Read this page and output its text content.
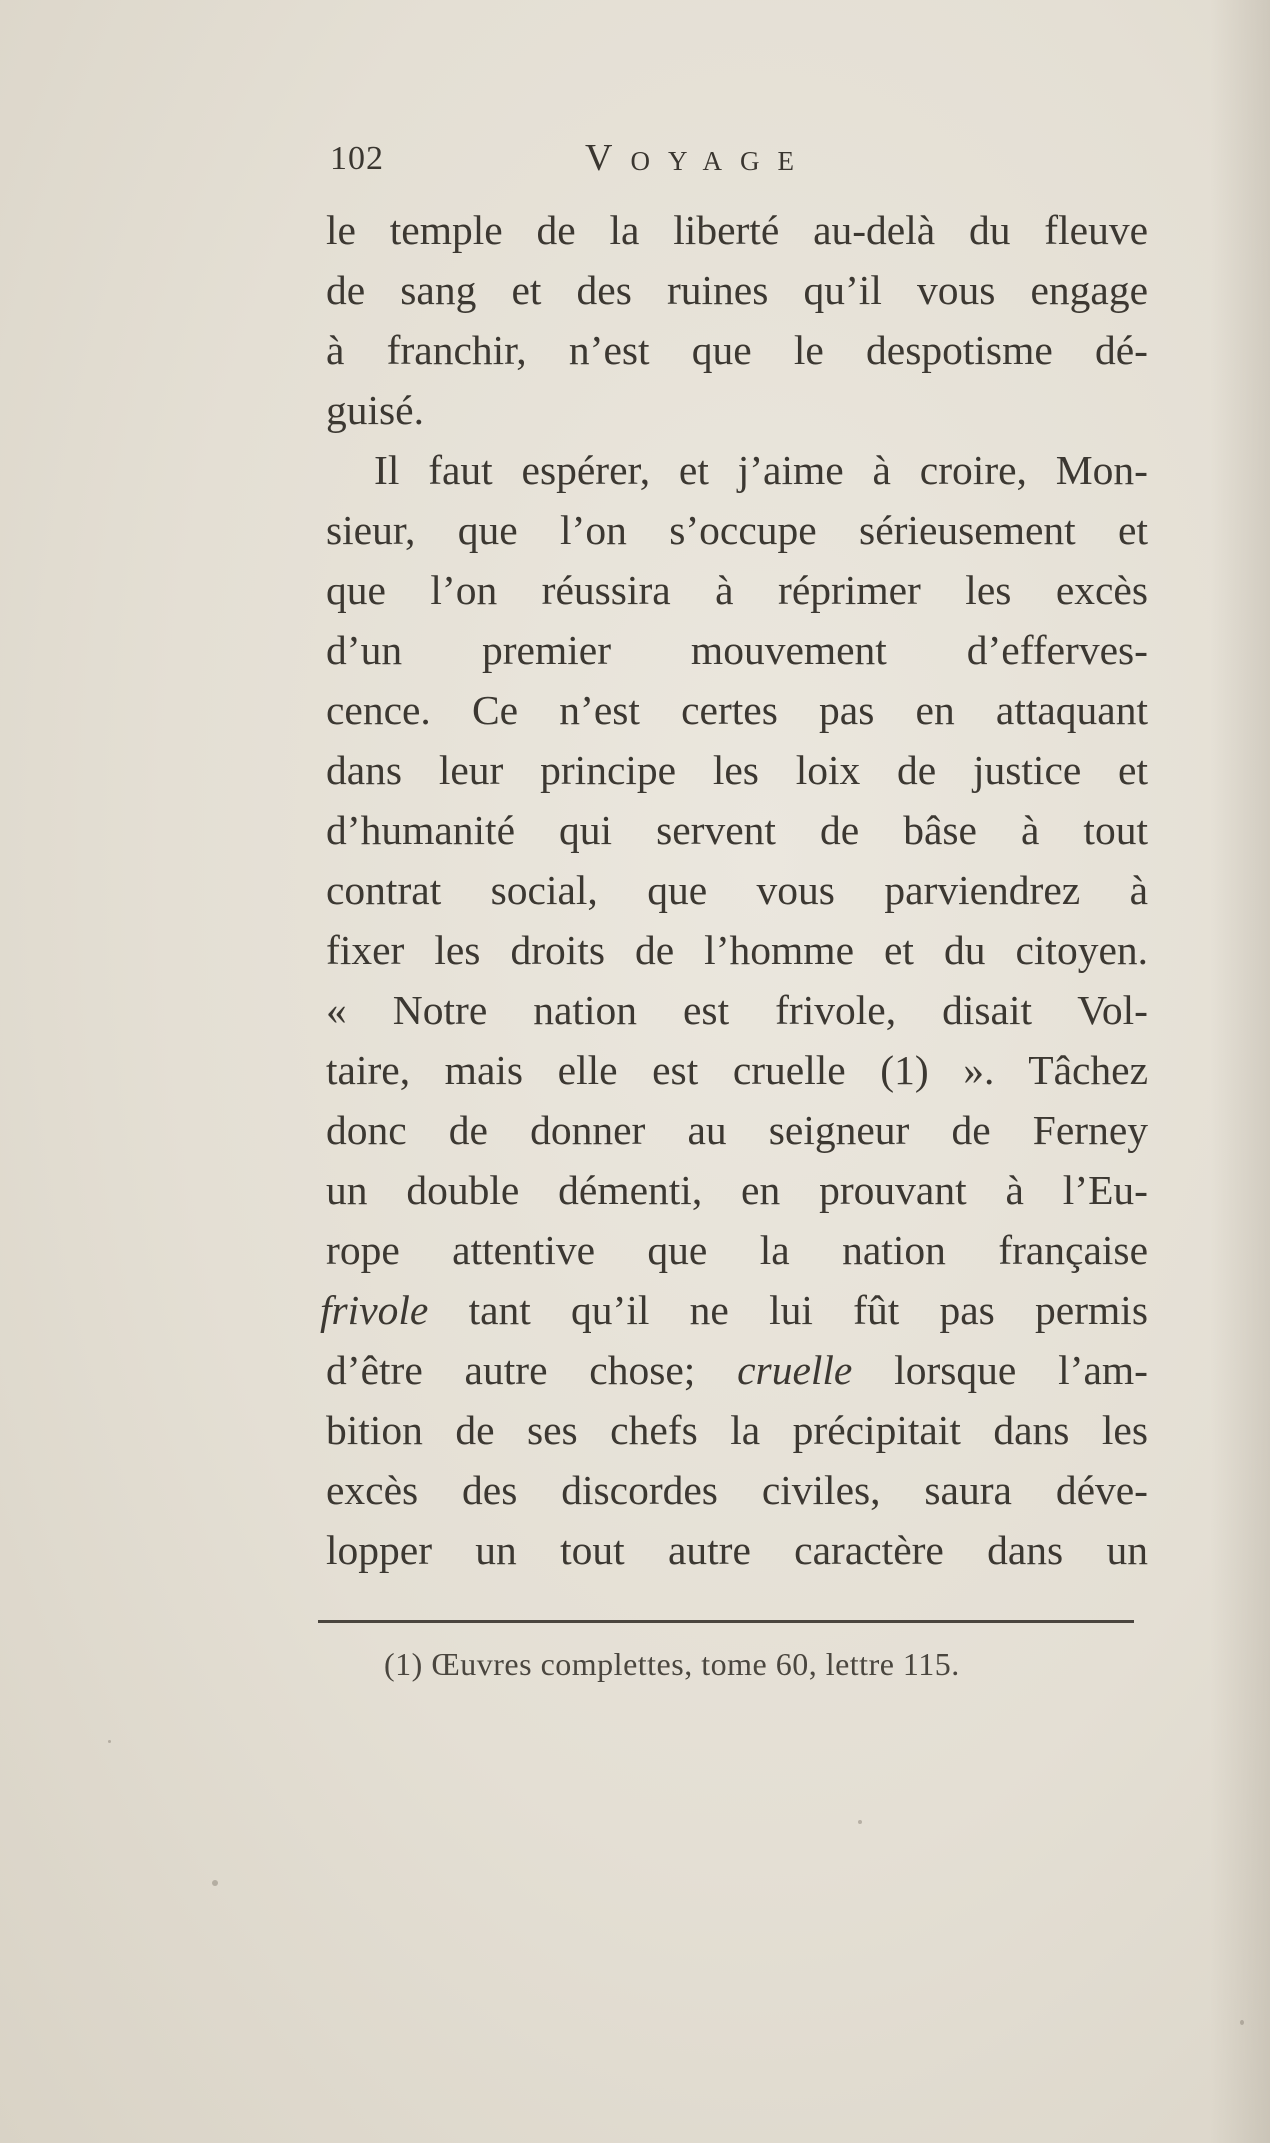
102	Voyage
le temple de la liberté au-delà du fleuve
de sang et des ruines qu’il vous engage
à franchir, n’est que le despotisme dé-
guisé.
Il faut espérer, et j’aime à croire, Mon-
sieur, que l’on s’occupe sérieusement et
que l’on réussira à réprimer les excès
d’un premier mouvement d’efferves-
cence. Ce n’est certes pas en attaquant
dans leur principe les loix de justice et
d’humanité qui servent de bâse à tout
contrat social, que vous parviendrez à
fixer les droits de l’homme et du citoyen.
« Notre nation est frivole, disait Vol-
taire, mais elle est cruelle (1) ». Tâchez
donc de donner au seigneur de Ferney
un double démenti, en prouvant à l’Eu-
rope attentive que la nation française
frivole tant qu’il ne lui fût pas permis
d’être autre chose; cruelle lorsque l’am-
bition de ses chefs la précipitait dans les
excès des discordes civiles, saura déve-
lopper un tout autre caractère dans un
(1) Œuvres complettes, tome 60, lettre 115.
